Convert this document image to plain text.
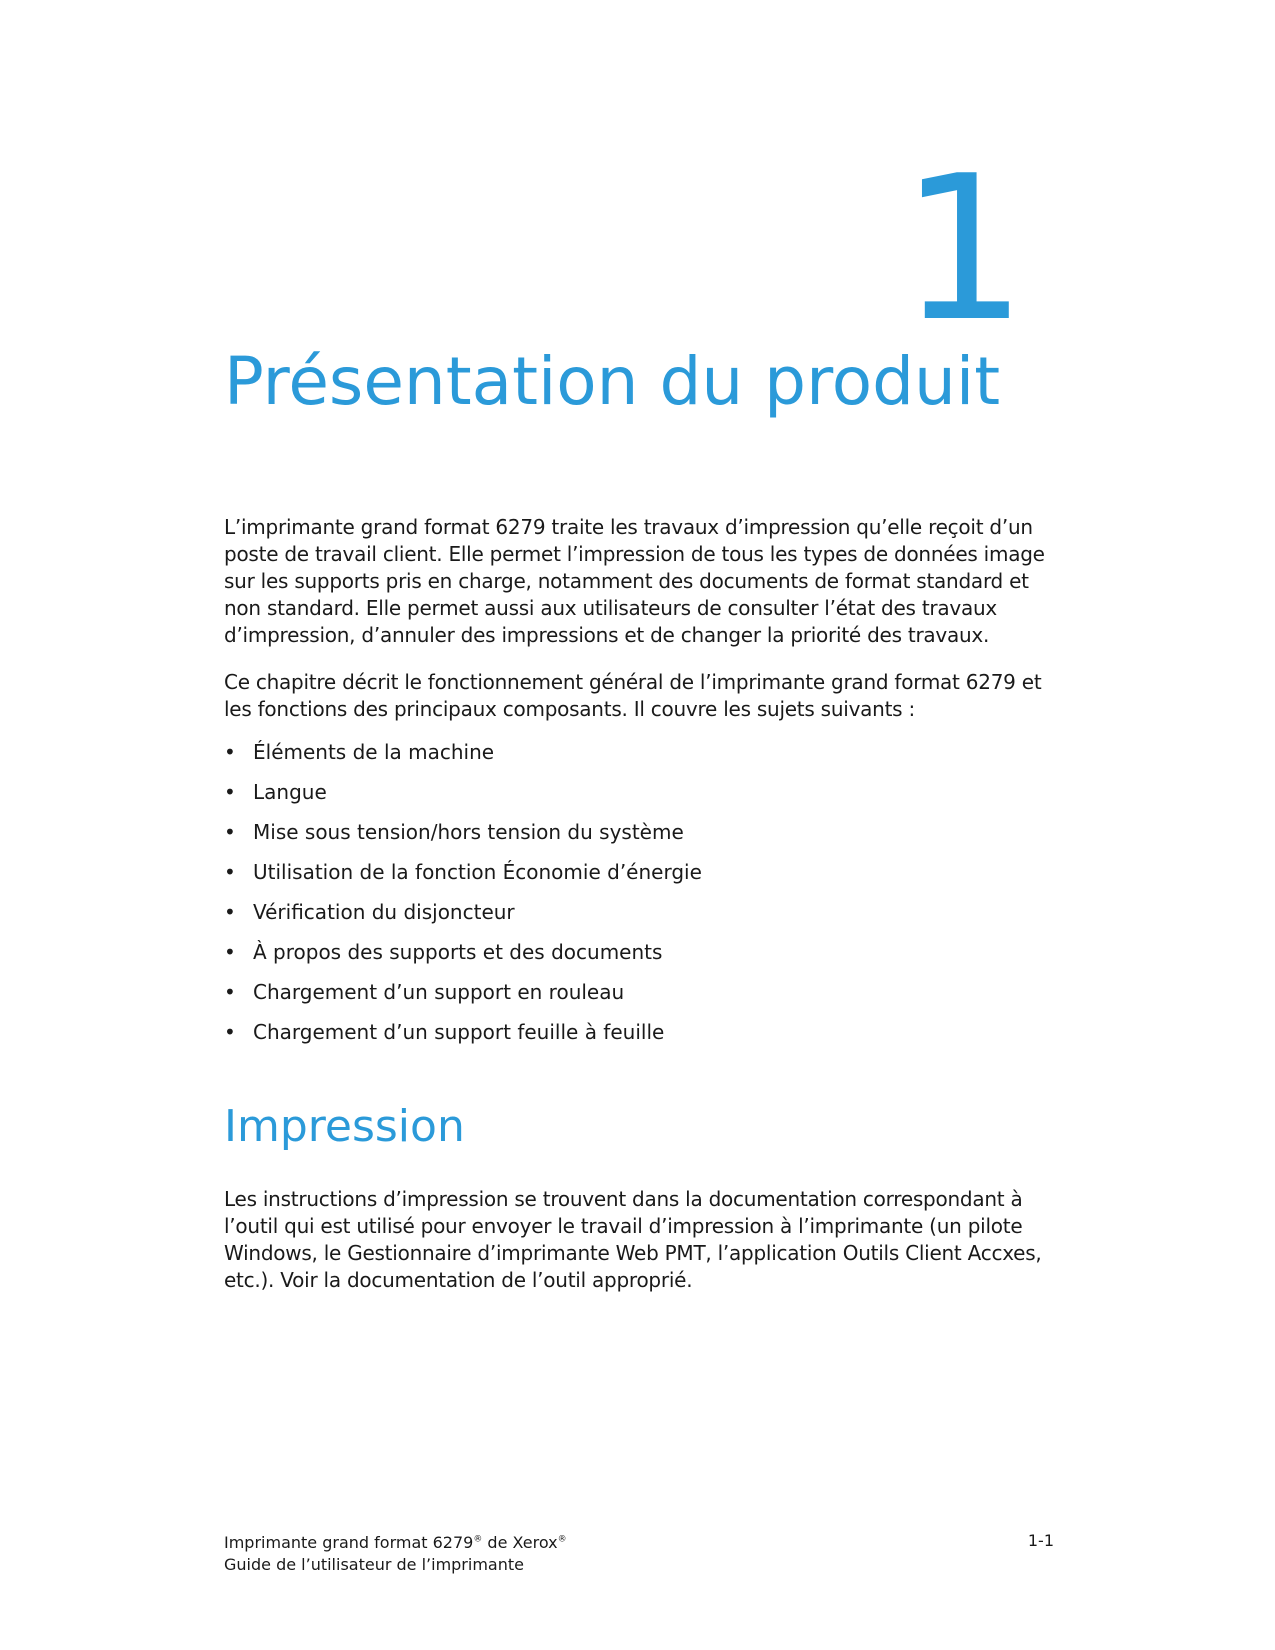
1
Présentation du produit

L’imprimante grand format 6279 traite les travaux d’impression qu’elle reçoit d’un poste de travail client. Elle permet l’impression de tous les types de données image sur les supports pris en charge, notamment des documents de format standard et non standard. Elle permet aussi aux utilisateurs de consulter l’état des travaux d’impression, d’annuler des impressions et de changer la priorité des travaux.

Ce chapitre décrit le fonctionnement général de l’imprimante grand format 6279 et les fonctions des principaux composants. Il couvre les sujets suivants :

• Éléments de la machine
• Langue
• Mise sous tension/hors tension du système
• Utilisation de la fonction Économie d’énergie
• Vérification du disjoncteur
• À propos des supports et des documents
• Chargement d’un support en rouleau
• Chargement d’un support feuille à feuille
Impression

Les instructions d’impression se trouvent dans la documentation correspondant à l’outil qui est utilisé pour envoyer le travail d’impression à l’imprimante (un pilote Windows, le Gestionnaire d’imprimante Web PMT, l’application Outils Client Accxes, etc.). Voir la documentation de l’outil approprié.

Imprimante grand format 6279® de Xerox®
Guide de l’utilisateur de l’imprimante
1-1
